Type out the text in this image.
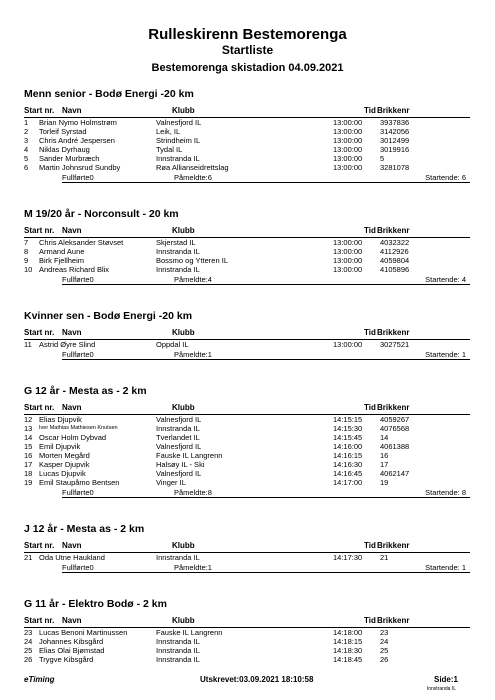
Rulleskirenn Bestemorenga
Startliste
Bestemorenga skistadion 04.09.2021
Menn senior - Bodø Energi -20 km
Start nr. Navn	Klubb	Tid Brikkenr
1 Brian Nymo Holmstrøm	Valnesfjord IL	13:00:00 3937836
2 Torleif Syrstad	Leik, IL	13:00:00 3142056
3 Chris André Jespersen	Strindheim IL	13:00:00 3012499
4 Niklas Dyrhaug	Tydal IL	13:00:00 3019916
5 Sander Murbræch	Innstranda IL	13:00:00 5
6 Martin Johnsrud Sundby	Røa Allianseidrettslag	13:00:00 3281078
Fullførte0	Påmeldte:6	Startende: 6
M 19/20 år - Norconsult - 20 km
Start nr. Navn	Klubb	Tid Brikkenr
7 Chris Aleksander Støvset	Skjerstad IL	13:00:00 4032322
8 Armand Aune	Innstranda IL	13:00:00 4112926
9 Birk Fjellheim	Bossmo og Ytteren IL	13:00:00 4059804
10 Andreas Richard Blix	Innstranda IL	13:00:00 4105896
Fullførte0	Påmeldte:4	Startende: 4
Kvinner sen - Bodø Energi -20 km
Start nr. Navn	Klubb	Tid Brikkenr
11 Astrid Øyre Slind	Oppdal IL	13:00:00 3027521
Fullførte0	Påmeldte:1	Startende: 1
G 12 år - Mesta as - 2 km
Start nr. Navn	Klubb	Tid Brikkenr
12 Elias Djupvik	Valnesfjord IL	14:15:15 4059267
13 Iver Mathias Mathiesen Knutsen	Innstranda IL	14:15:30 4076568
14 Oscar Holm Dybvad	Tverlandet IL	14:15:45 14
15 Emil Djupvik	Valnesfjord IL	14:16:00 4061388
16 Morten Megård	Fauske IL Langrenn	14:16:15 16
17 Kasper Djupvik	Halsøy IL - Ski	14:16:30 17
18 Lucas Djupvik	Valnesfjord IL	14:16:45 4062147
19 Emil Staupåmo Bentsen	Vinger IL	14:17:00 19
Fullførte0	Påmeldte:8	Startende: 8
J 12 år - Mesta as - 2 km
Start nr. Navn	Klubb	Tid Brikkenr
21 Oda Utne Haukland	Innstranda IL	14:17:30 21
Fullførte0	Påmeldte:1	Startende: 1
G 11 år - Elektro Bodø - 2 km
Start nr. Navn	Klubb	Tid Brikkenr
23 Lucas Benoni Martinussen	Fauske IL Langrenn	14:18:00 23
24 Johannes Kibsgård	Innstranda IL	14:18:15 24
25 Elias Olai Bjømstad	Innstranda IL	14:18:30 25
26 Trygve Kibsgård	Innstranda IL	14:18:45 26
eTiming	Utskrevet:03.09.2021 18:10:58	Side:1
Innstranda IL
